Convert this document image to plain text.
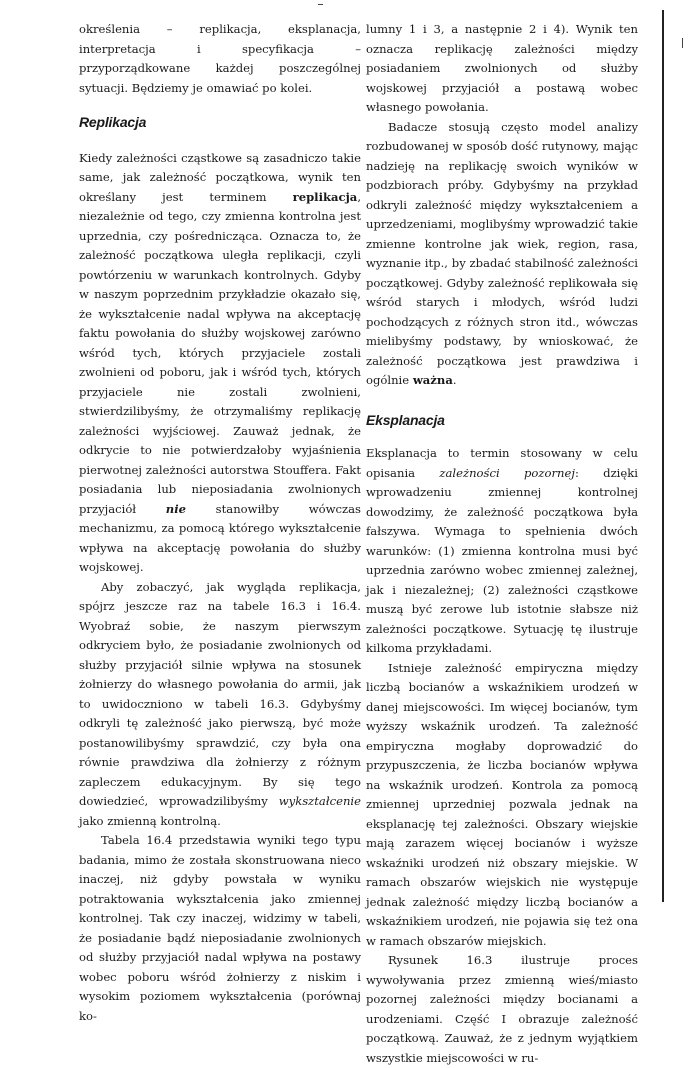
określenia – replikacja, eksplanacja, interpretacja i specyfikacja – przyporządkowane każdej poszczególnej sytuacji. Będziemy je omawiać po kolei.

Replikacja

Kiedy zależności cząstkowe są zasadniczo takie same, jak zależność początkowa, wynik ten określany jest terminem replikacja, niezależnie od tego, czy zmienna kontrolna jest uprzednia, czy pośrednicząca. Oznacza to, że zależność początkowa uległa replikacji, czyli powtórzeniu w warunkach kontrolnych. Gdyby w naszym poprzednim przykładzie okazało się, że wykształcenie nadal wpływa na akceptację faktu powołania do służby wojskowej zarówno wśród tych, których przyjaciele zostali zwolnieni od poboru, jak i wśród tych, których przyjaciele nie zostali zwolnieni, stwierdzilibyśmy, że otrzymaliśmy replikację zależności wyjściowej. Zauważ jednak, że odkrycie to nie potwierdzałoby wyjaśnienia pierwotnej zależności autorstwa Stouffera. Fakt posiadania lub nieposiadania zwolnionych przyjaciół nie stanowiłby wówczas mechanizmu, za pomocą którego wykształcenie wpływa na akceptację powołania do służby wojskowej.

Aby zobaczyć, jak wygląda replikacja, spójrz jeszcze raz na tabele 16.3 i 16.4. Wyobraź sobie, że naszym pierwszym odkryciem było, że posiadanie zwolnionych od służby przyjaciół silnie wpływa na stosunek żołnierzy do własnego powołania do armii, jak to uwidoczniono w tabeli 16.3. Gdybyśmy odkryli tę zależność jako pierwszą, być może postanowilibyśmy sprawdzić, czy była ona równie prawdziwa dla żołnierzy z różnym zapleczem edukacyjnym. By się tego dowiedzieć, wprowadzilibyśmy wykształcenie jako zmienną kontrolną.

Tabela 16.4 przedstawia wyniki tego typu badania, mimo że została skonstruowana nieco inaczej, niż gdyby powstała w wyniku potraktowania wykształcenia jako zmiennej kontrolnej. Tak czy inaczej, widzimy w tabeli, że posiadanie bądź nieposiadanie zwolnionych od służby przyjaciół nadal wpływa na postawy wobec poboru wśród żołnierzy z niskim i wysokim poziomem wykształcenia (porównaj ko-

lumny 1 i 3, a następnie 2 i 4). Wynik ten oznacza replikację zależności między posiadaniem zwolnionych od służby wojskowej przyjaciół a postawą wobec własnego powołania.

Badacze stosują często model analizy rozbudowanej w sposób dość rutynowy, mając nadzieję na replikację swoich wyników w podzbiorach próby. Gdybyśmy na przykład odkryli zależność między wykształceniem a uprzedzeniami, moglibyśmy wprowadzić takie zmienne kontrolne jak wiek, region, rasa, wyznanie itp., by zbadać stabilność zależności początkowej. Gdyby zależność replikowała się wśród starych i młodych, wśród ludzi pochodzących z różnych stron itd., wówczas mielibyśmy podstawy, by wnioskować, że zależność początkowa jest prawdziwa i ogólnie ważna.

Eksplanacja

Eksplanacja to termin stosowany w celu opisania zależności pozornej: dzięki wprowadzeniu zmiennej kontrolnej dowodzimy, że zależność początkowa była fałszywa. Wymaga to spełnienia dwóch warunków: (1) zmienna kontrolna musi być uprzednia zarówno wobec zmiennej zależnej, jak i niezależnej; (2) zależności cząstkowe muszą być zerowe lub istotnie słabsze niż zależności początkowe. Sytuację tę ilustruje kilkoma przykładami.

Istnieje zależność empiryczna między liczbą bocianów a wskaźnikiem urodzeń w danej miejscowości. Im więcej bocianów, tym wyższy wskaźnik urodzeń. Ta zależność empiryczna mogłaby doprowadzić do przypuszczenia, że liczba bocianów wpływa na wskaźnik urodzeń. Kontrola za pomocą zmiennej uprzedniej pozwala jednak na eksplanację tej zależności. Obszary wiejskie mają zarazem więcej bocianów i wyższe wskaźniki urodzeń niż obszary miejskie. W ramach obszarów wiejskich nie występuje jednak zależność między liczbą bocianów a wskaźnikiem urodzeń, nie pojawia się też ona w ramach obszarów miejskich.

Rysunek 16.3 ilustruje proces wywoływania przez zmienną wieś/miasto pozornej zależności między bocianami a urodzeniami. Część I obrazuje zależność początkową. Zauważ, że z jednym wyjątkiem wszystkie miejscowości w ru-
